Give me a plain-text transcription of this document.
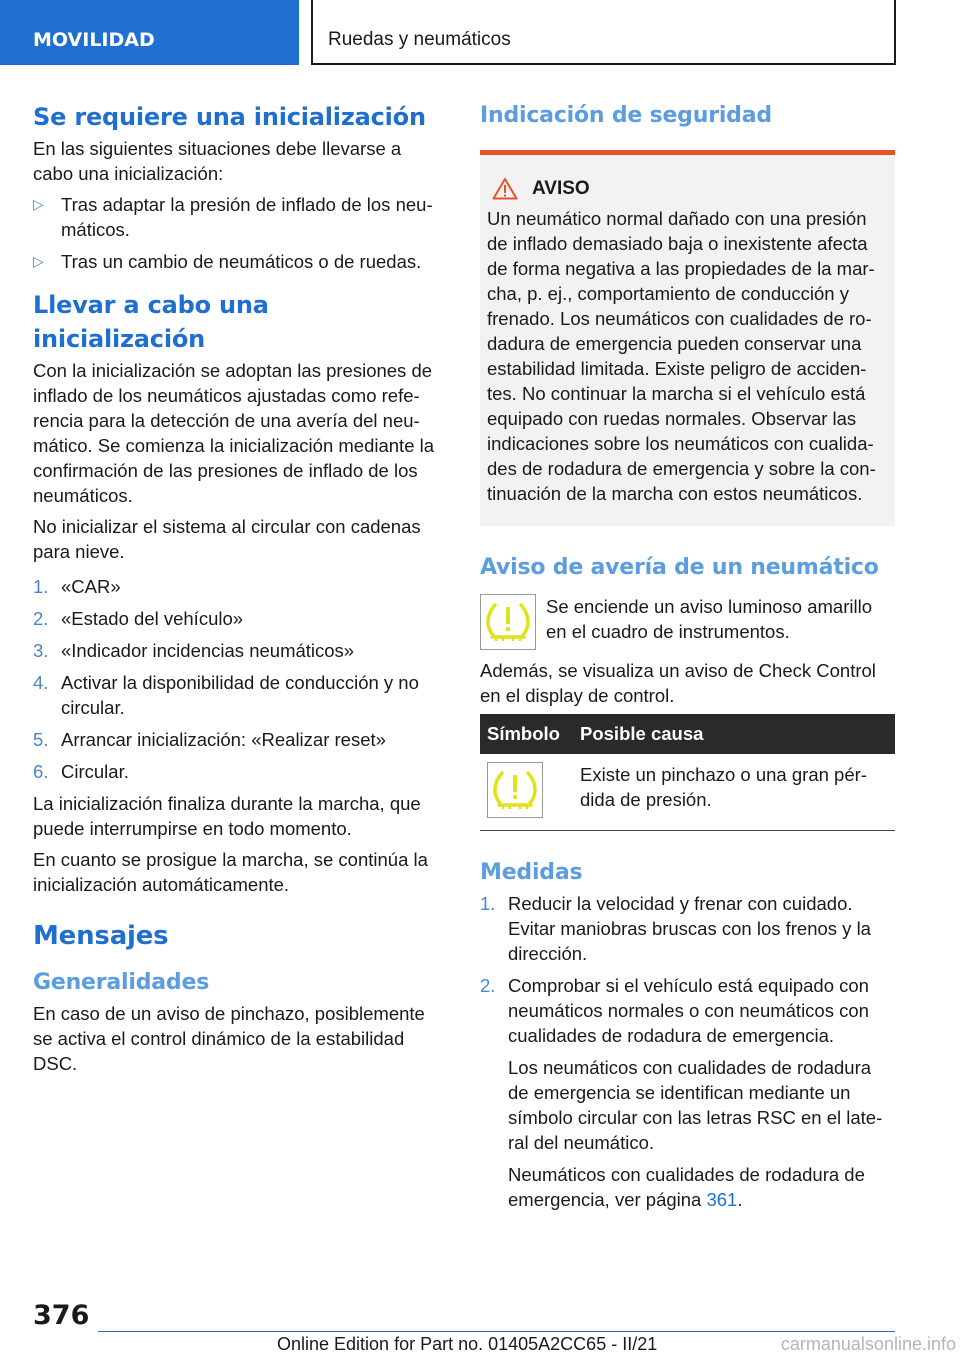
MOVILIDAD	Ruedas y neumáticos
Se requiere una inicialización

En las siguientes situaciones debe llevarse a cabo una inicialización:

▷ Tras adaptar la presión de inflado de los neu-máticos.
▷ Tras un cambio de neumáticos o de ruedas.
Llevar a cabo una inicialización

Con la inicialización se adoptan las presiones de inflado de los neumáticos ajustadas como refe-rencia para la detección de una avería del neu-mático. Se comienza la inicialización mediante la confirmación de las presiones de inflado de los neumáticos.

No inicializar el sistema al circular con cadenas para nieve.

1. «CAR»
2. «Estado del vehículo»
3. «Indicador incidencias neumáticos»
4. Activar la disponibilidad de conducción y no circular.
5. Arrancar inicialización: «Realizar reset»
6. Circular.

La inicialización finaliza durante la marcha, que puede interrumpirse en todo momento.

En cuanto se prosigue la marcha, se continúa la inicialización automáticamente.

Mensajes
Generalidades

En caso de un aviso de pinchazo, posiblemente se activa el control dinámico de la estabilidad DSC.

Indicación de seguridad
AVISO

Un neumático normal dañado con una presión de inflado demasiado baja o inexistente afecta de forma negativa a las propiedades de la mar-cha, p. ej., comportamiento de conducción y frenado. Los neumáticos con cualidades de ro-dadura de emergencia pueden conservar una estabilidad limitada. Existe peligro de acciden-tes. No continuar la marcha si el vehículo está equipado con ruedas normales. Observar las indicaciones sobre los neumáticos con cualida-des de rodadura de emergencia y sobre la con-tinuación de la marcha con estos neumáticos.

Aviso de avería de un neumático

Se enciende un aviso luminoso amarillo en el cuadro de instrumentos.

Además, se visualiza un aviso de Check Control en el display de control.

Símbolo	Posible causa

	Existe un pinchazo o una gran pér-dida de presión.
Medidas
1. Reducir la velocidad y frenar con cuidado. Evitar maniobras bruscas con los frenos y la dirección.
2. Comprobar si el vehículo está equipado con neumáticos normales o con neumáticos con cualidades de rodadura de emergencia.

Los neumáticos con cualidades de rodadura de emergencia se identifican mediante un símbolo circular con las letras RSC en el late-ral del neumático.

Neumáticos con cualidades de rodadura de emergencia, ver página 361.

376
Online Edition for Part no. 01405A2CC65 - II/21	carmanualsonline.info
